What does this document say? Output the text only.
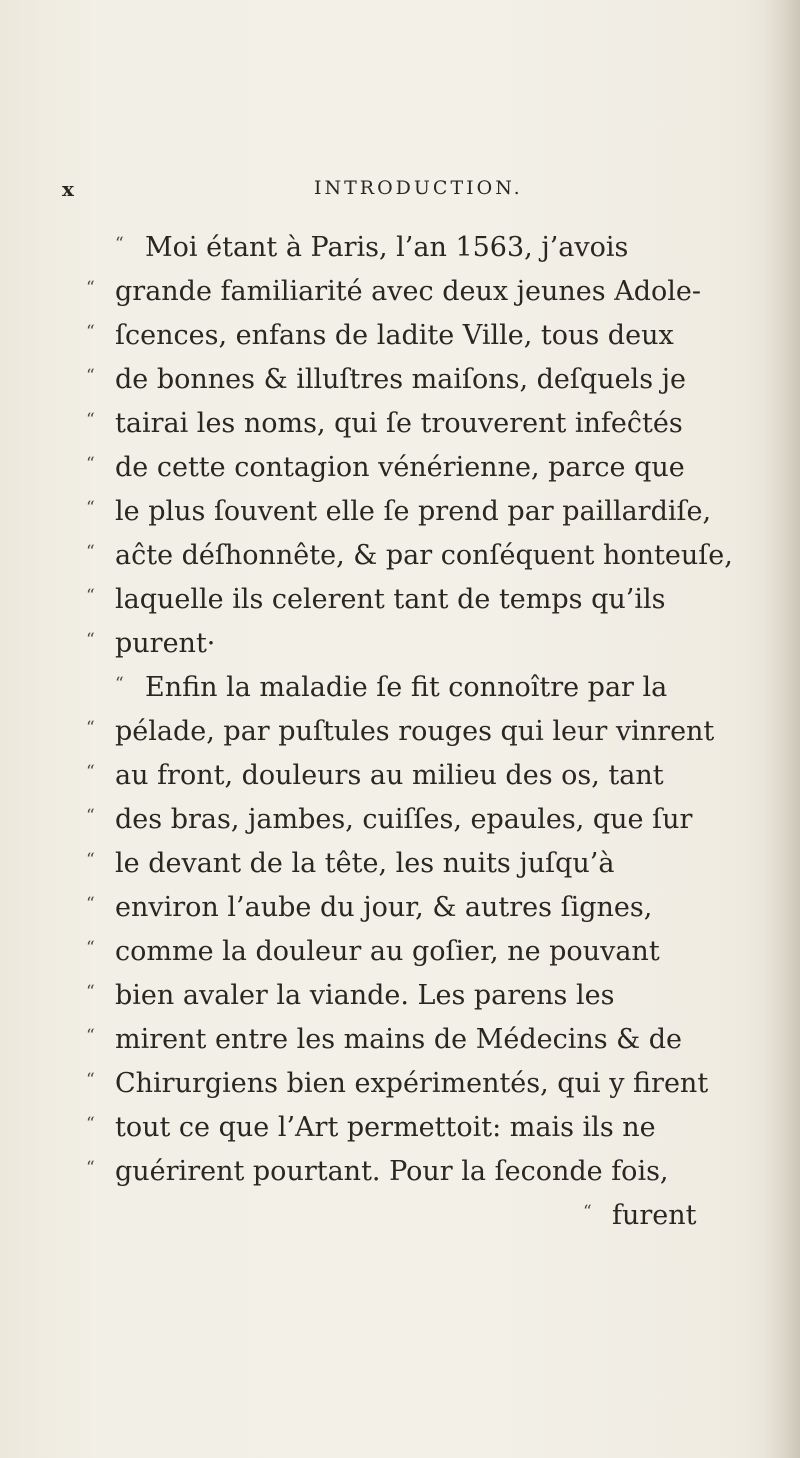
x	INTRODUCTION.
“ Moi étant à Paris, l’an 1563, j’avois
“ grande familiarité avec deux jeunes Adole-
“ ſcences, enfans de ladite Ville, tous deux
“ de bonnes & illuſtres maiſons, deſquels je
“ tairai les noms, qui ſe trouverent infeĉtés
“ de cette contagion vénérienne, parce que
“ le plus ſouvent elle ſe prend par paillardiſe,
“ aĉte déſhonnête, & par conſéquent honteuſe,
“ laquelle ils celerent tant de temps qu’ils
“ purent·
“ Enfin la maladie ſe fit connoître par la
“ pélade, par puſtules rouges qui leur vinrent
“ au front, douleurs au milieu des os, tant
“ des bras, jambes, cuiſſes, epaules, que ſur
“ le devant de la tête, les nuits juſqu’à
“ environ l’aube du jour, & autres ſignes,
“ comme la douleur au goſier, ne pouvant
“ bien avaler la viande. Les parens les
“ mirent entre les mains de Médecins & de
“ Chirurgiens bien expérimentés, qui y firent
“ tout ce que l’Art permettoit: mais ils ne
“ guérirent pourtant. Pour la ſeconde fois,
“ furent
